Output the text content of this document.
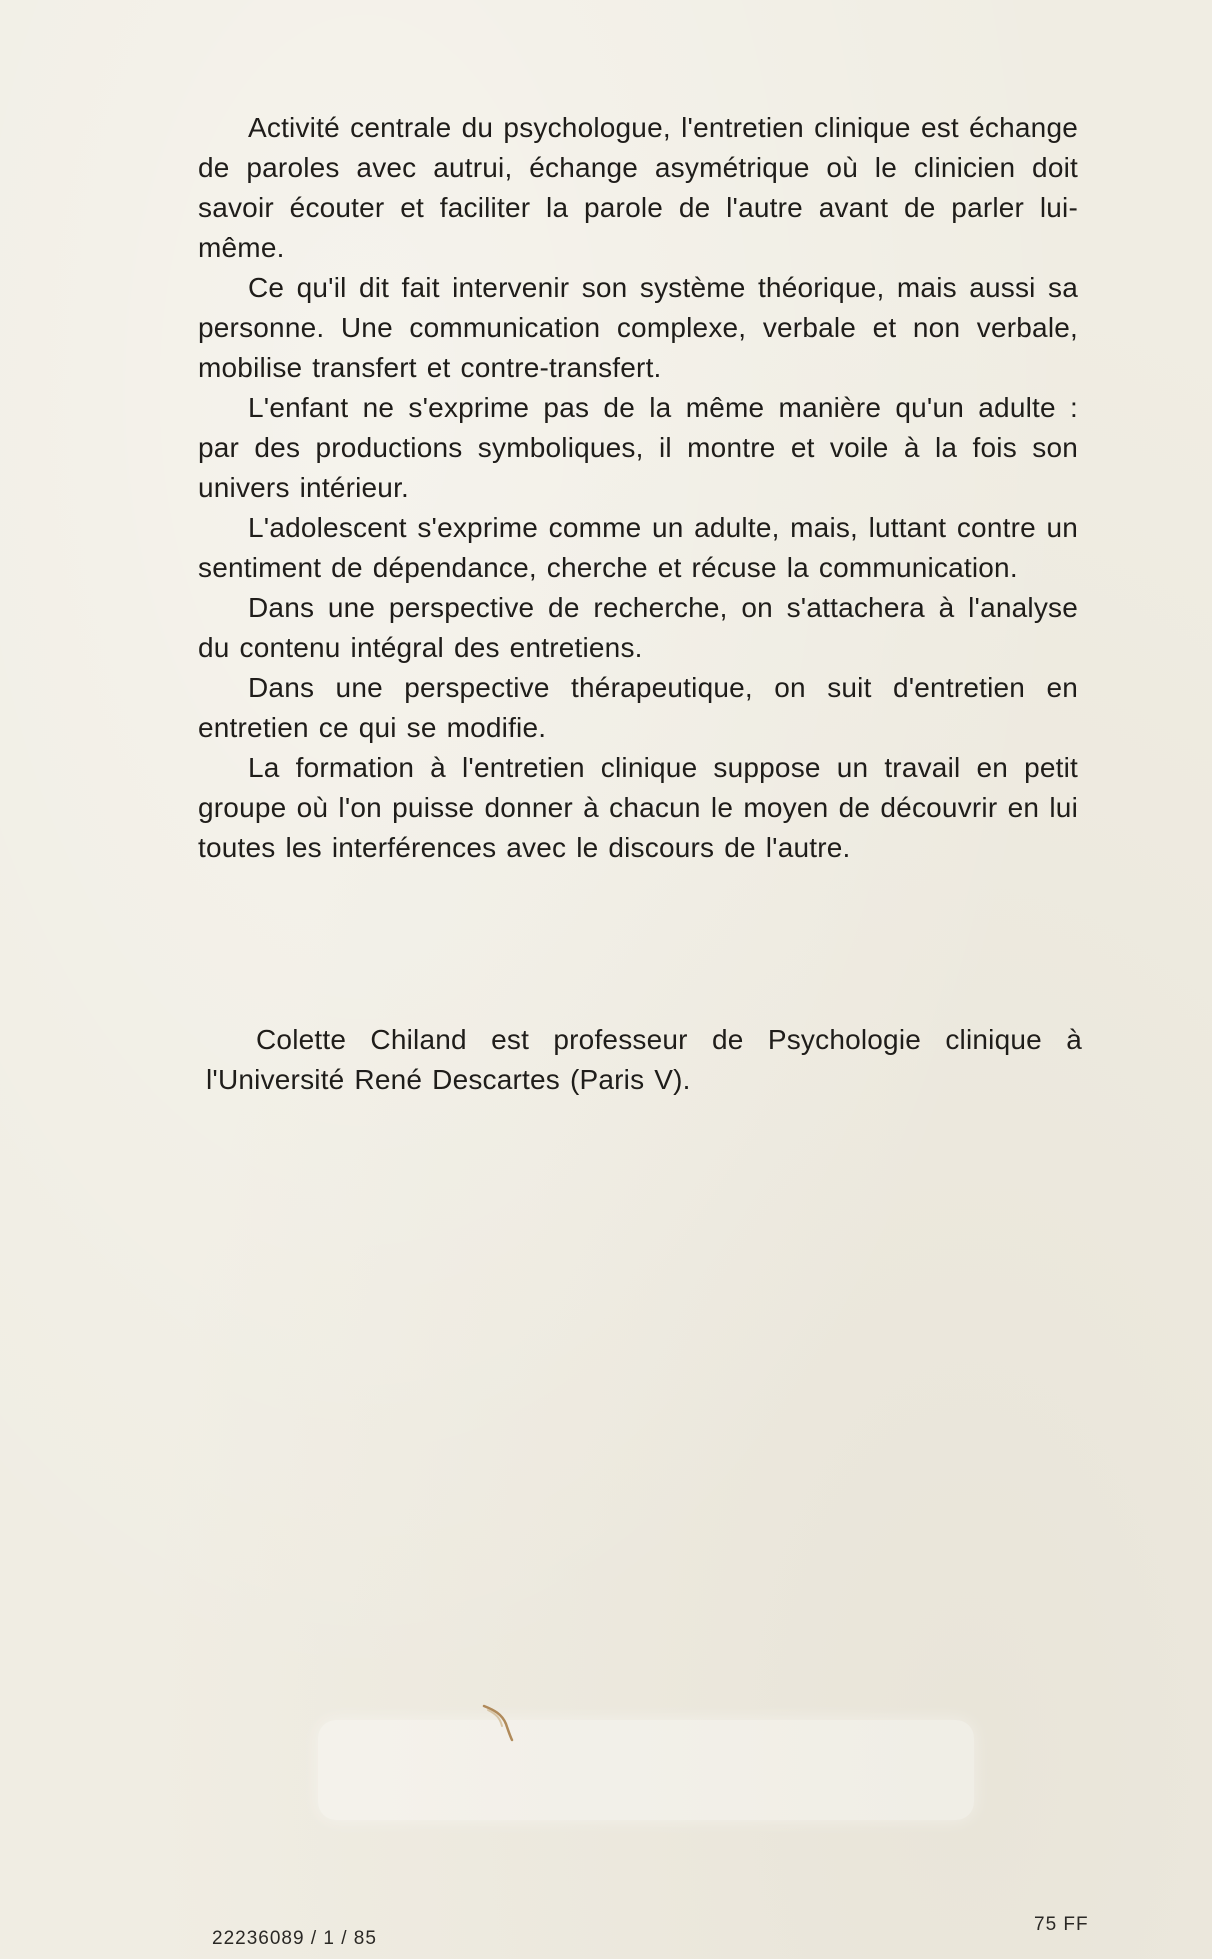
Activité centrale du psychologue, l'entretien clinique est échange de paroles avec autrui, échange asymétrique où le clinicien doit savoir écouter et faciliter la parole de l'autre avant de parler lui-même.

Ce qu'il dit fait intervenir son système théorique, mais aussi sa personne. Une communication complexe, verbale et non verbale, mobilise transfert et contre-transfert.

L'enfant ne s'exprime pas de la même manière qu'un adulte : par des productions symboliques, il montre et voile à la fois son univers intérieur.

L'adolescent s'exprime comme un adulte, mais, luttant contre un sentiment de dépendance, cherche et récuse la communication.

Dans une perspective de recherche, on s'attachera à l'analyse du contenu intégral des entretiens.

Dans une perspective thérapeutique, on suit d'entretien en entretien ce qui se modifie.

La formation à l'entretien clinique suppose un travail en petit groupe où l'on puisse donner à chacun le moyen de découvrir en lui toutes les interférences avec le discours de l'autre.

Colette Chiland est professeur de Psychologie clinique à l'Université René Descartes (Paris V).

22236089 / 1 / 85
75 FF
